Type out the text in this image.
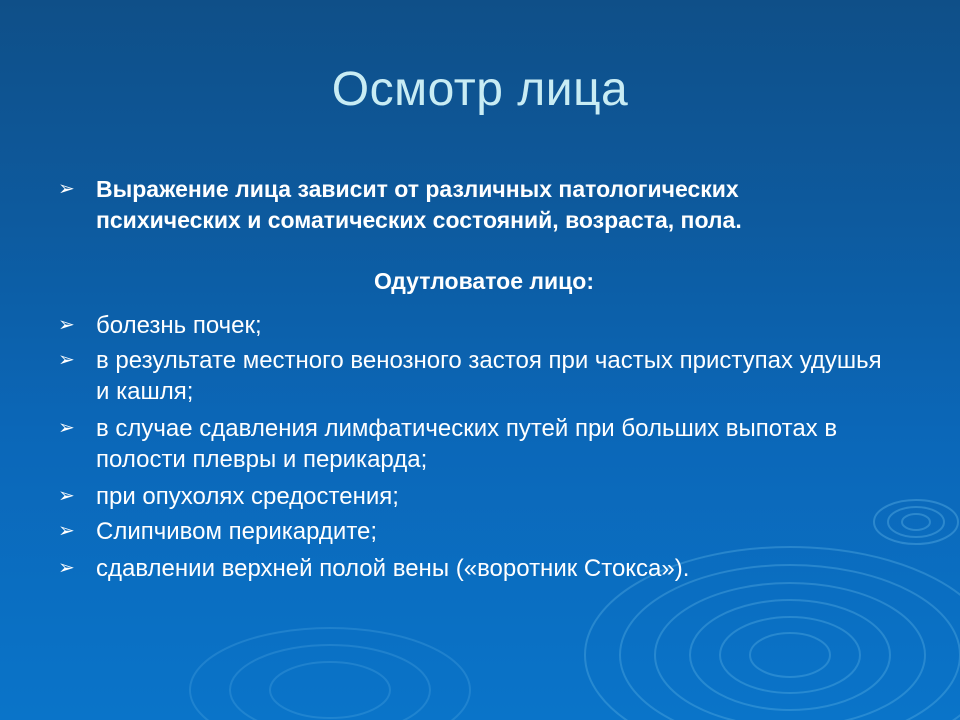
Осмотр лица
➢ Выражение лица зависит от различных патологических психических и соматических состояний, возраста, пола.
Одутловатое лицо:
➢ болезнь почек;
➢ в результате местного венозного застоя при частых приступах удушья и кашля;
➢ в случае сдавления лимфатических путей при больших выпотах в полости плевры и перикарда;
➢ при опухолях средостения;
➢ Слипчивом перикардите;
➢ сдавлении верхней полой вены («воротник Стокса»).
